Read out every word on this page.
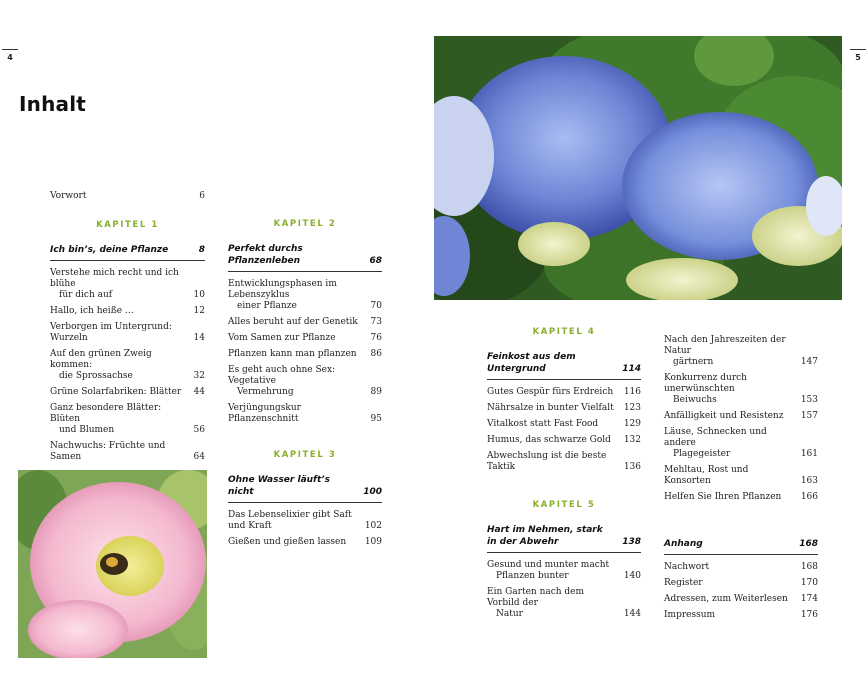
4	5
Inhalt
Vorwort	6
KAPITEL 1
Ich bin’s, deine Pflanze	8
Verstehe mich recht und ich blühe
für dich auf	10
Hallo, ich heiße …	12
Verborgen im Untergrund: Wurzeln	14
Auf den grünen Zweig kommen:
die Sprossachse	32
Grüne Solarfabriken: Blätter	44
Ganz besondere Blätter: Blüten
und Blumen	56
Nachwuchs: Früchte und Samen	64
KAPITEL 2
Perfekt durchs Pflanzenleben	68
Entwicklungsphasen im Lebenszyklus
einer Pflanze	70
Alles beruht auf der Genetik	73
Vom Samen zur Pflanze	76
Pflanzen kann man pflanzen	86
Es geht auch ohne Sex: Vegetative
Vermehrung	89
Verjüngungskur Pflanzenschnitt	95
KAPITEL 3
Ohne Wasser läuft’s nicht	100
Das Lebenselixier gibt Saft und Kraft	102
Gießen und gießen lassen	109
KAPITEL 4
Feinkost aus dem
Untergrund	114
Gutes Gespür fürs Erdreich	116
Nährsalze in bunter Vielfalt	123
Vitalkost statt Fast Food	129
Humus, das schwarze Gold	132
Abwechslung ist die beste Taktik	136
KAPITEL 5
Hart im Nehmen, stark
in der Abwehr	138
Gesund und munter macht
Pflanzen bunter	140
Ein Garten nach dem Vorbild der
Natur	144
Nach den Jahreszeiten der Natur
gärtnern	147
Konkurrenz durch unerwünschten
Beiwuchs	153
Anfälligkeit und Resistenz	157
Läuse, Schnecken und andere
Plagegeister	161
Mehltau, Rost und Konsorten	163
Helfen Sie Ihren Pflanzen	166
Anhang	168
Nachwort	168
Register	170
Adressen, zum Weiterlesen	174
Impressum	176
